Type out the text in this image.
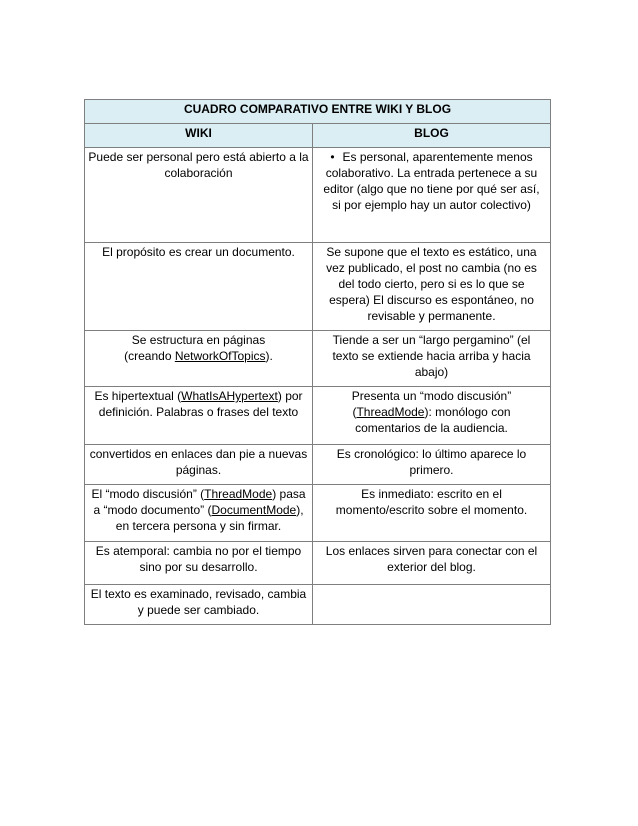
CUADRO COMPARATIVO ENTRE WIKI Y BLOG	
WIKI	BLOG

Puede ser personal pero está abierto a la
colaboración	• Es personal, aparentemente menos
colaborativo. La entrada pertenece a su
editor (algo que no tiene por qué ser así,
si por ejemplo hay un autor colectivo)

El propósito es crear un documento.	Se supone que el texto es estático, una
vez publicado, el post no cambia (no es
del todo cierto, pero si es lo que se
espera) El discurso es espontáneo, no
revisable y permanente.

Se estructura en páginas
(creando NetworkOfTopics).	Tiende a ser un “largo pergamino” (el
texto se extiende hacia arriba y hacia
abajo)

Es hipertextual (WhatIsAHypertext) por
definición. Palabras o frases del texto	Presenta un “modo discusión”
(ThreadMode): monólogo con
comentarios de la audiencia.

convertidos en enlaces dan pie a nuevas
páginas.	Es cronológico: lo último aparece lo
primero.

El “modo discusión” (ThreadMode) pasa
a “modo documento” (DocumentMode),
en tercera persona y sin firmar.	Es inmediato: escrito en el
momento/escrito sobre el momento.

Es atemporal: cambia no por el tiempo
sino por su desarrollo.	Los enlaces sirven para conectar con el
exterior del blog.

El texto es examinado, revisado, cambia
y puede ser cambiado.	
